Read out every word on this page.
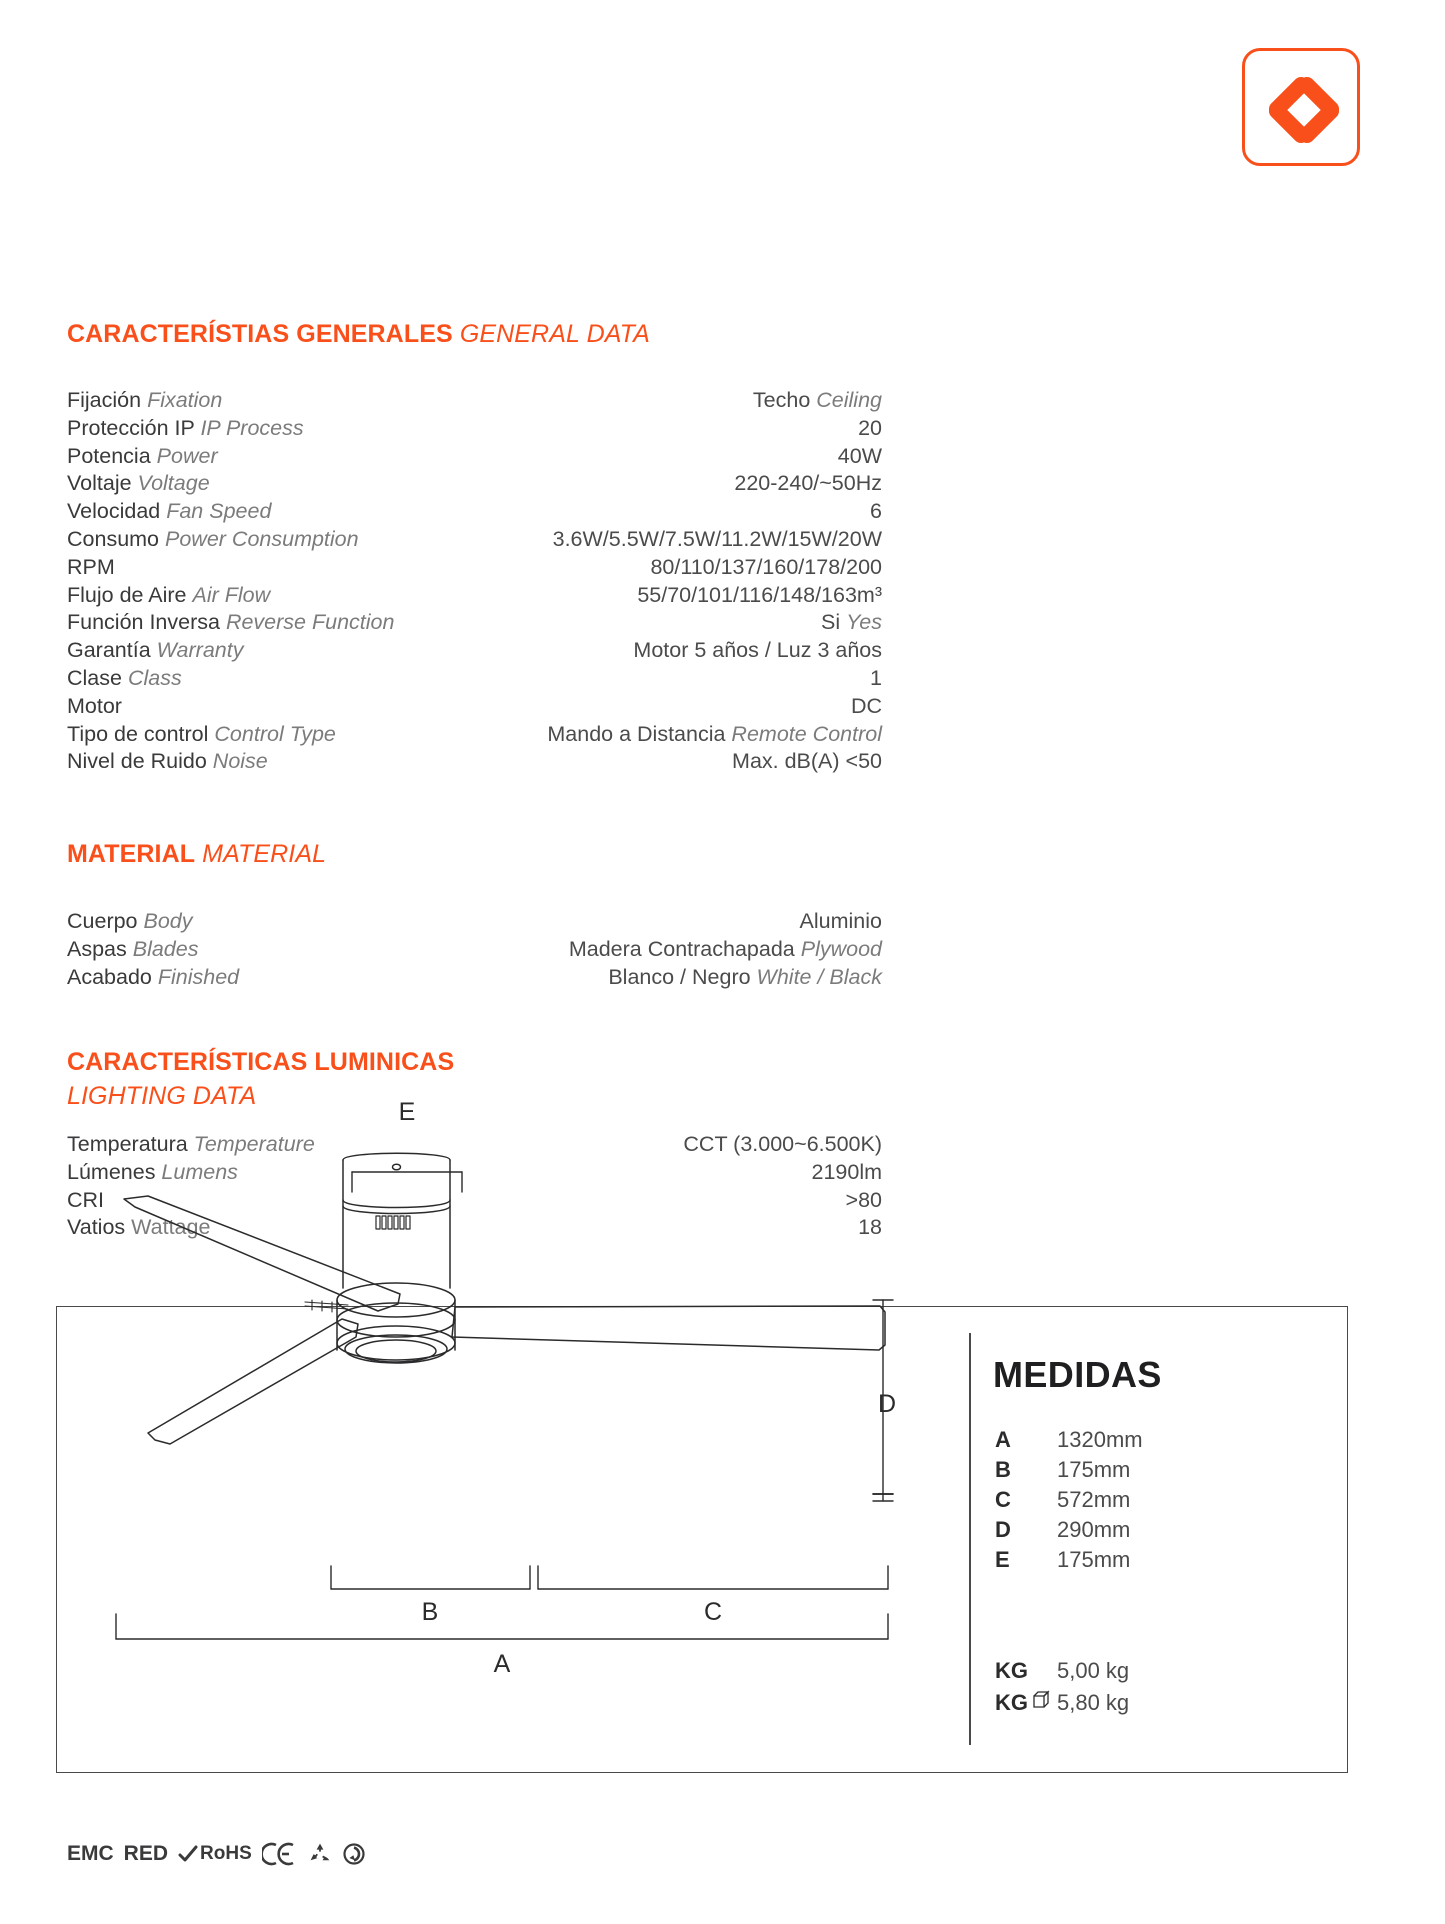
CARACTERÍSTIAS GENERALES GENERAL DATA
Fijación Fixation	Techo Ceiling
Protección IP IP Process	20
Potencia Power	40W
Voltaje Voltage	220-240/~50Hz
Velocidad Fan Speed	6
Consumo Power Consumption	3.6W/5.5W/7.5W/11.2W/15W/20W
RPM	80/110/137/160/178/200
Flujo de Aire Air Flow	55/70/101/116/148/163m³
Función Inversa Reverse Function	Si Yes
Garantía Warranty	Motor 5 años / Luz 3 años
Clase Class	1
Motor	DC
Tipo de control Control Type	Mando a Distancia Remote Control
Nivel de Ruido Noise	Max. dB(A) <50
MATERIAL MATERIAL
Cuerpo Body	Aluminio
Aspas Blades	Madera Contrachapada Plywood
Acabado Finished	Blanco / Negro White / Black
CARACTERÍSTICAS LUMINICAS
LIGHTING DATA
Temperatura Temperature	CCT (3.000~6.500K)
Lúmenes Lumens	2190lm
CRI	>80
Vatios Wattage	18
E
D
B	C
A
MEDIDAS
A	1320mm
B	175mm
C	572mm
D	290mm
E	175mm
KG	5,00 kg
KG 5,80 kg
EMC RED RoHS
